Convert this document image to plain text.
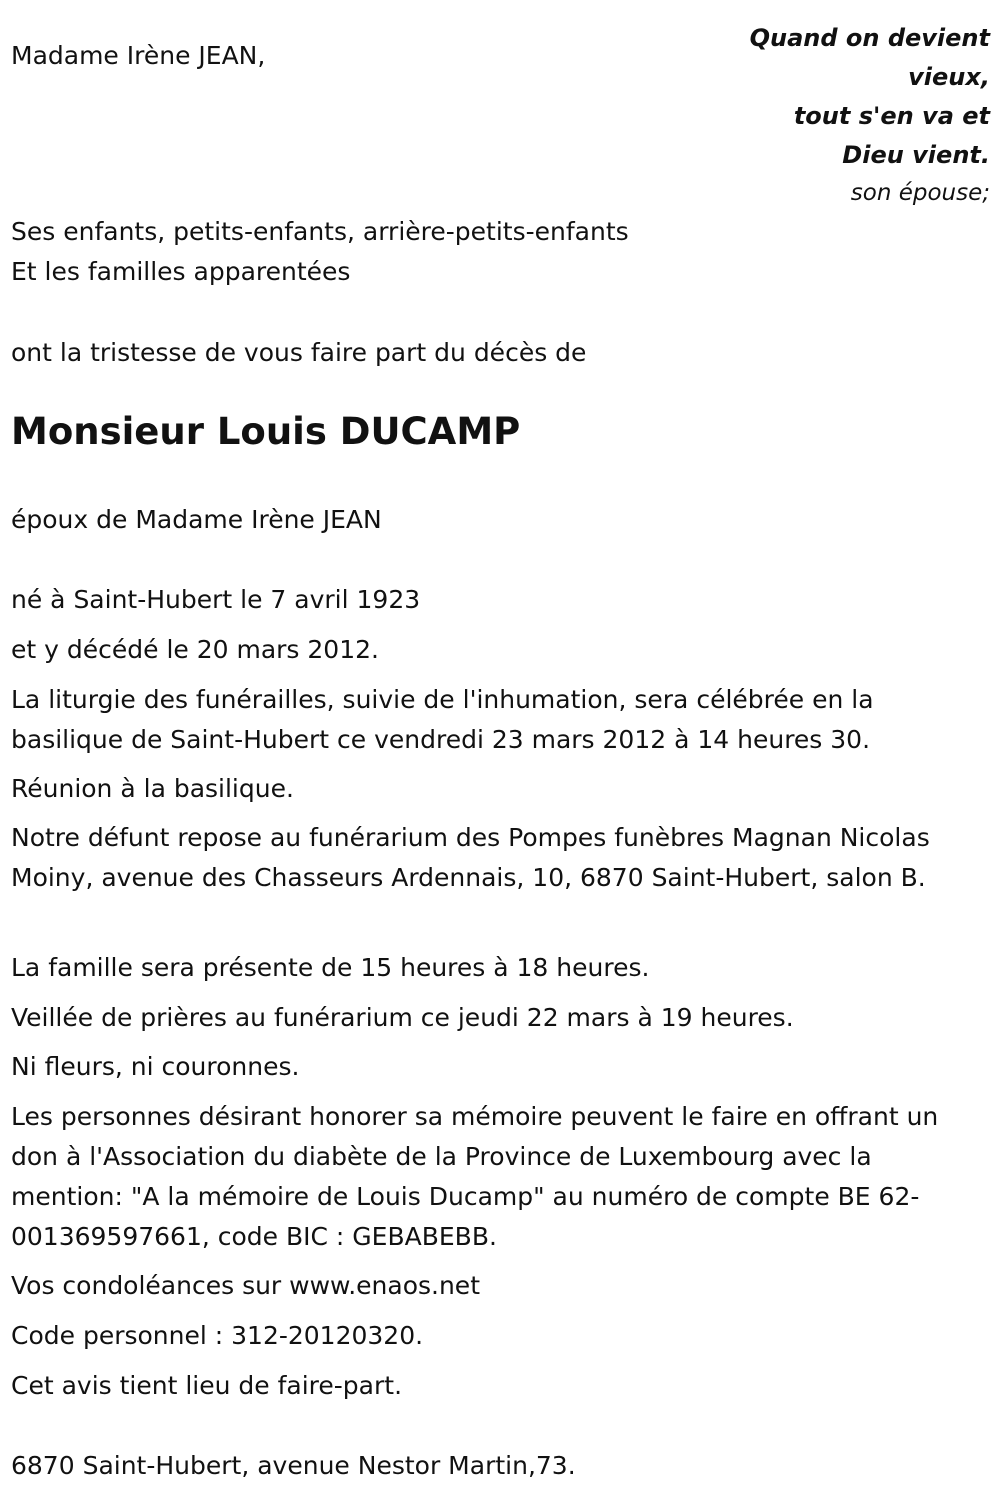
Madame Irène JEAN,

Quand on devient
vieux,
tout s'en va et
Dieu vient.
son épouse;

Ses enfants, petits-enfants, arrière-petits-enfants

Et les familles apparentées

ont la tristesse de vous faire part du décès de

Monsieur Louis DUCAMP

époux de Madame Irène JEAN

né à Saint-Hubert le 7 avril 1923

et y décédé le 20 mars 2012.

La liturgie des funérailles, suivie de l'inhumation, sera célébrée en la basilique de Saint-Hubert ce vendredi 23 mars 2012 à 14 heures 30.

Réunion à la basilique.

Notre défunt repose au funérarium des Pompes funèbres Magnan Nicolas Moiny, avenue des Chasseurs Ardennais, 10, 6870 Saint-Hubert, salon B.

La famille sera présente de 15 heures à 18 heures.

Veillée de prières au funérarium ce jeudi 22 mars à 19 heures.

Ni fleurs, ni couronnes.

Les personnes désirant honorer sa mémoire peuvent le faire en offrant un don à l'Association du diabète de la Province de Luxembourg avec la mention: "A la mémoire de Louis Ducamp" au numéro de compte BE 62-001369597661, code BIC : GEBABEBB.

Vos condoléances sur www.enaos.net

Code personnel : 312-20120320.

Cet avis tient lieu de faire-part.

6870 Saint-Hubert, avenue Nestor Martin,73.
